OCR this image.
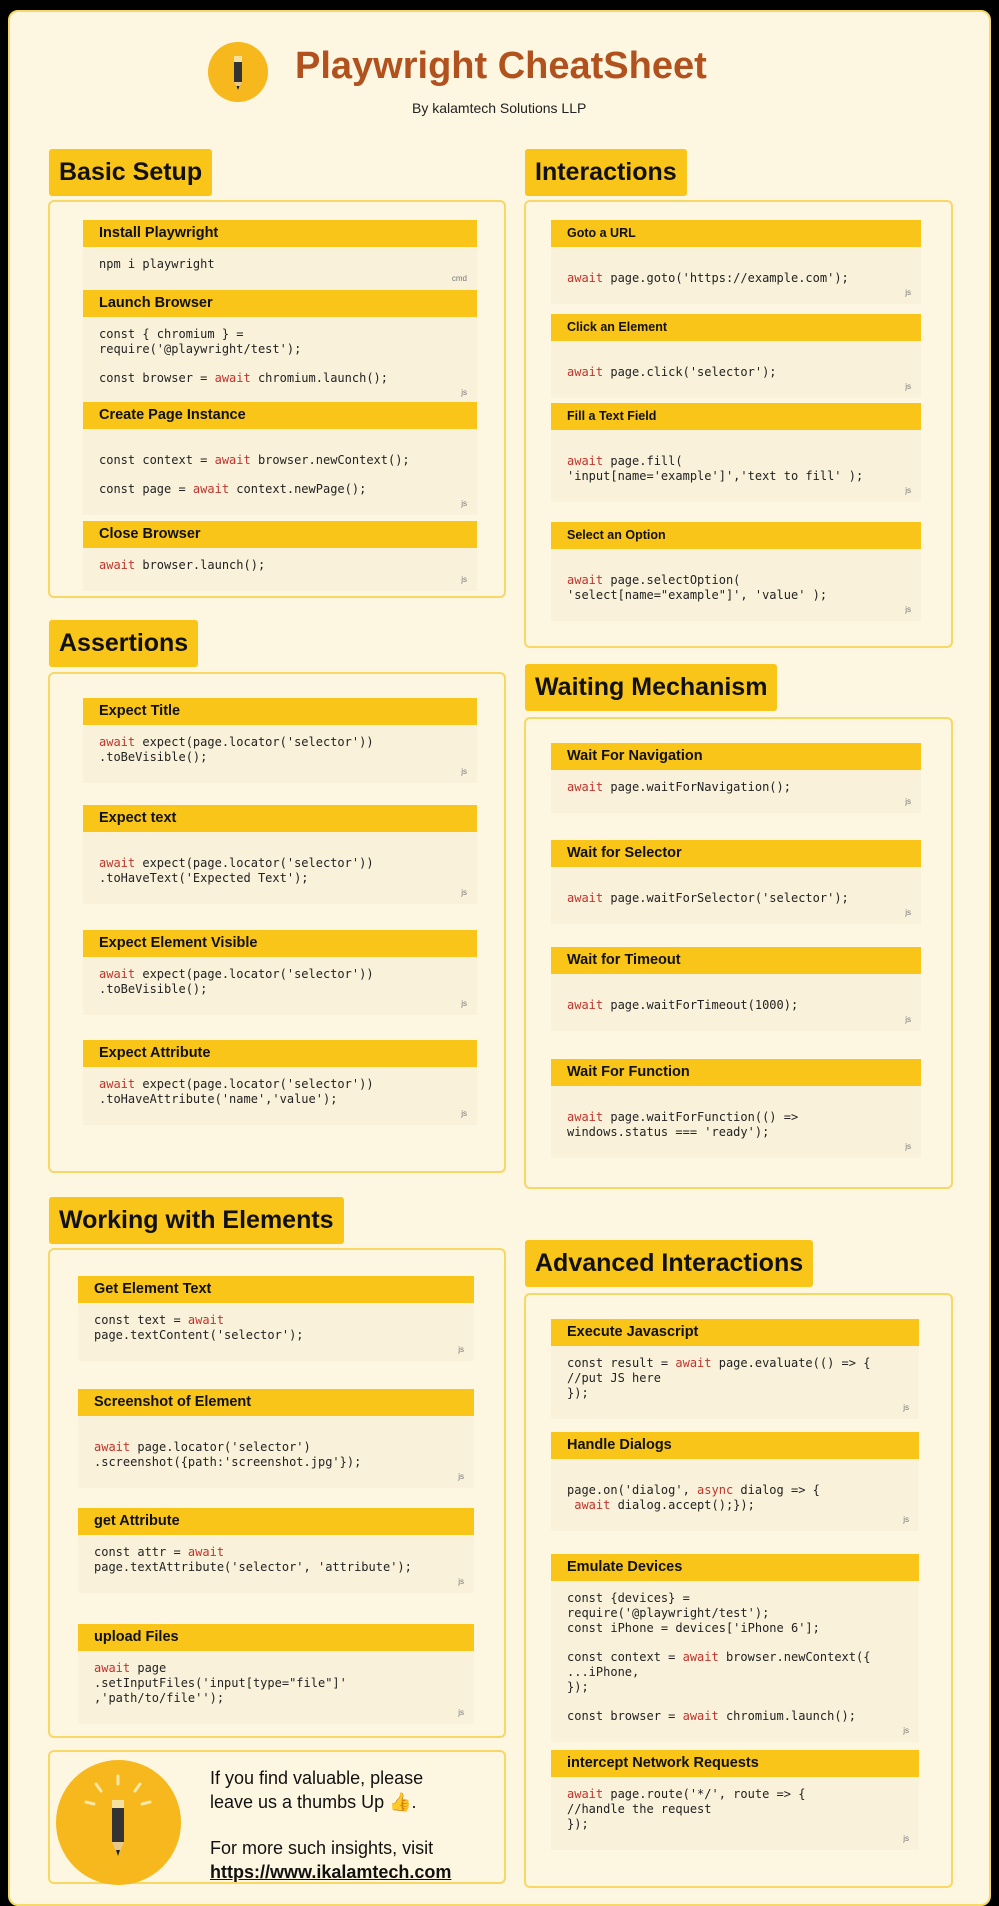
Playwright CheatSheet
By kalamtech Solutions LLP
Basic Setup	Interactions
Assertions
Waiting Mechanism
Working with Elements
Advanced Interactions
Install Playwright
npm i playwright
cmd
Launch Browser
const { chromium } =
require('@playwright/test');
const browser = await chromium.launch();
js
Create Page Instance
const context = await browser.newContext();
const page = await context.newPage();
js
Close Browser
await browser.launch();
js
Goto a URL
await page.goto('https://example.com');
js
Click an Element
await page.click('selector');
js
Fill a Text Field
await page.fill(
'input[name='example']','text to fill' );
js
Select an Option
await page.selectOption(
'select[name="example"]', 'value' );
js
Expect Title
await expect(page.locator('selector'))
.toBeVisible();
js
Expect text
await expect(page.locator('selector'))
.toHaveText('Expected Text');
js
Expect Element Visible
await expect(page.locator('selector'))
.toBeVisible();
js
Expect Attribute
await expect(page.locator('selector'))
.toHaveAttribute('name','value');
js
Wait For Navigation
await page.waitForNavigation();
js
Wait for Selector
await page.waitForSelector('selector');
js
Wait for Timeout
await page.waitForTimeout(1000);
js
Wait For Function
await page.waitForFunction(() =>
windows.status === 'ready');
js
Get Element Text
const text = await
page.textContent('selector');
js
Screenshot of Element
await page.locator('selector')
.screenshot({path:'screenshot.jpg'});
js
get Attribute
const attr = await
page.textAttribute('selector', 'attribute');
js
upload Files
await page
.setInputFiles('input[type="file"]'
,'path/to/file'');
js
Execute Javascript
const result = await page.evaluate(() => {
//put JS here
});
js
Handle Dialogs
page.on('dialog', async dialog => {
await dialog.accept();});
js
Emulate Devices
const {devices} =
require('@playwright/test');
const iPhone = devices['iPhone 6'];
const context = await browser.newContext({
...iPhone,
});
const browser = await chromium.launch();
js
intercept Network Requests
await page.route('*/', route => {
//handle the request
});
js
If you find valuable, please
leave us a thumbs Up 👍.
For more such insights, visit
https://www.ikalamtech.com
